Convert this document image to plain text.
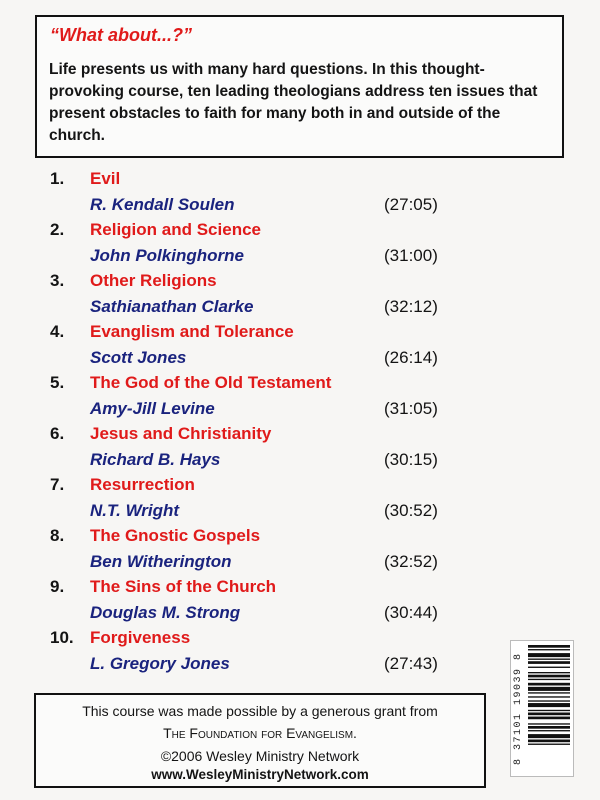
“What about...?”
Life presents us with many hard questions. In this thought-provoking course, ten leading theologians address ten issues that present obstacles to faith for many both in and outside of the church.
1. Evil
R. Kendall Soulen	(27:05)
2. Religion and Science
John Polkinghorne	(31:00)
3. Other Religions
Sathianathan Clarke	(32:12)
4. Evanglism and Tolerance
Scott Jones	(26:14)
5. The God of the Old Testament
Amy-Jill Levine	(31:05)
6. Jesus and Christianity
Richard B. Hays	(30:15)
7. Resurrection
N.T. Wright	(30:52)
8. The Gnostic Gospels
Ben Witherington	(32:52)
9. The Sins of the Church
Douglas M. Strong	(30:44)
10. Forgiveness
L. Gregory Jones	(27:43)	8 37101 19039 8
This course was made possible by a generous grant from
The Foundation for Evangelism.
©2006 Wesley Ministry Network
www.WesleyMinistryNetwork.com
